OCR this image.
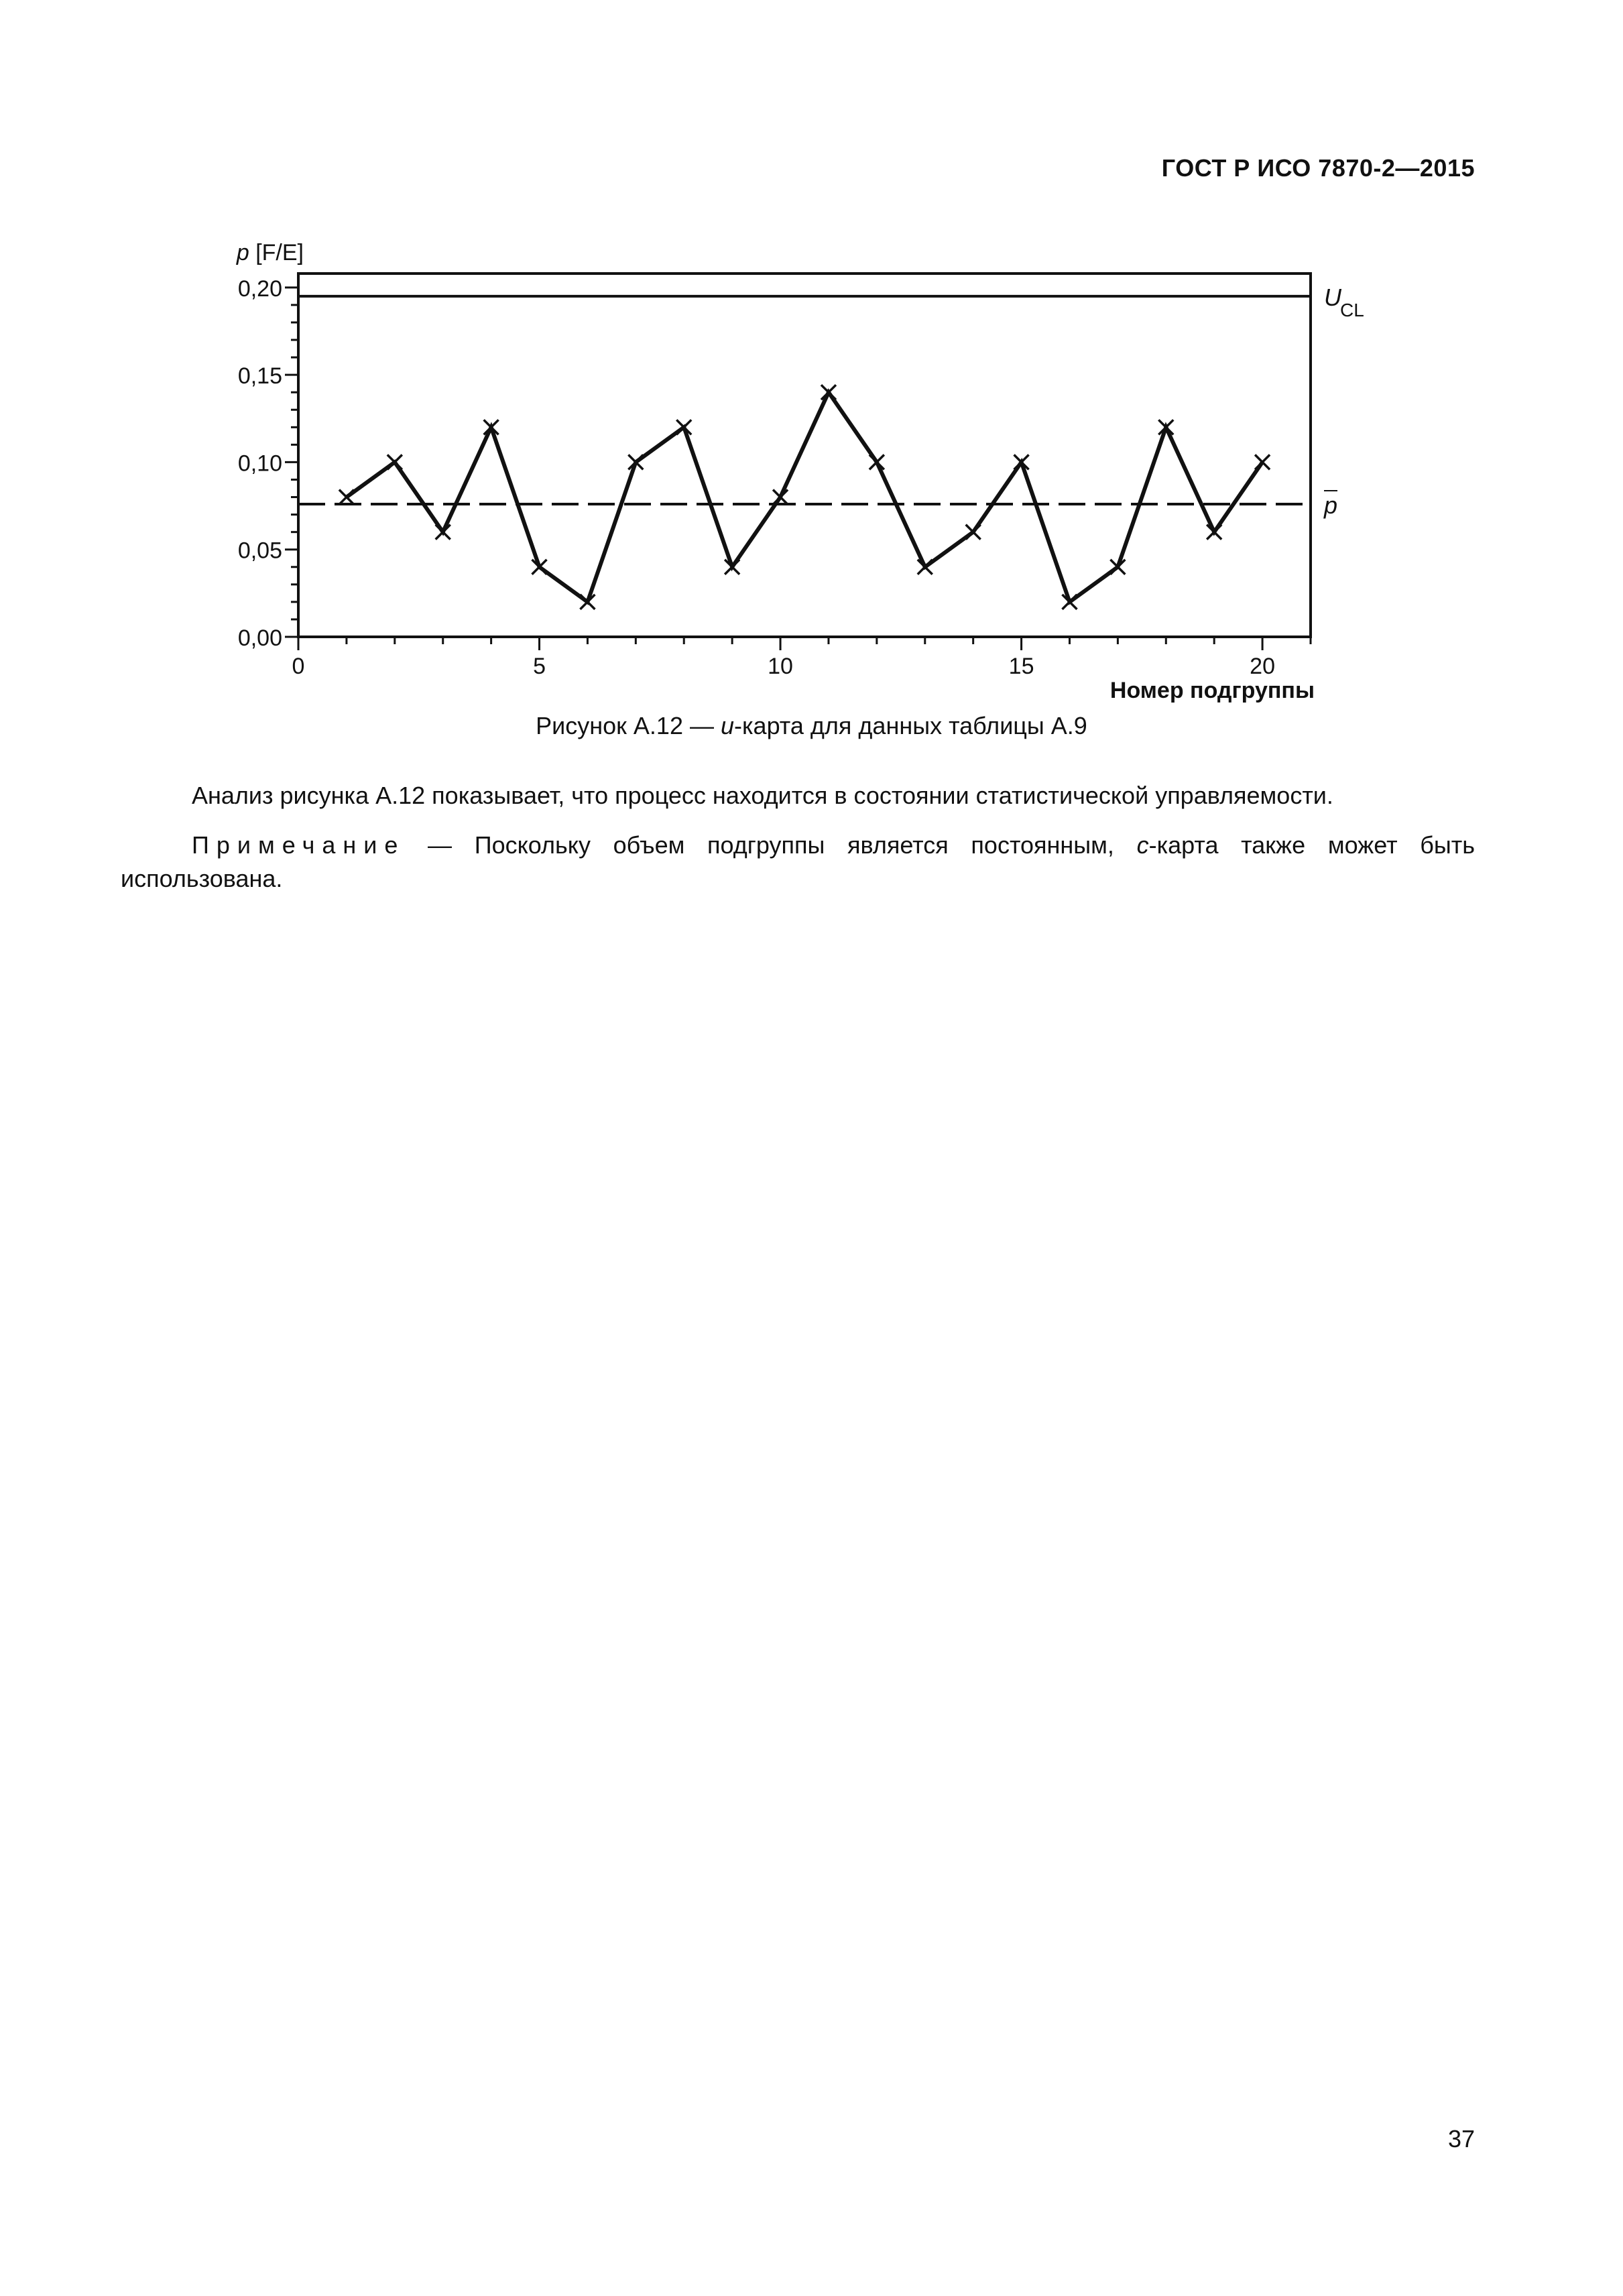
ГОСТ Р ИСО 7870-2—2015
0,00
0,05
0,10
0,15
0,20
0	5	10	15	20
Номер подгруппы
p [F/E]
U
CL
p
Рисунок А.12 — u-карта для данных таблицы А.9
Анализ рисунка А.12 показывает, что процесс находится в состоянии статистической управляемости.
Примечание — Поскольку объем подгруппы является постоянным, c-карта также может быть использована.
37
